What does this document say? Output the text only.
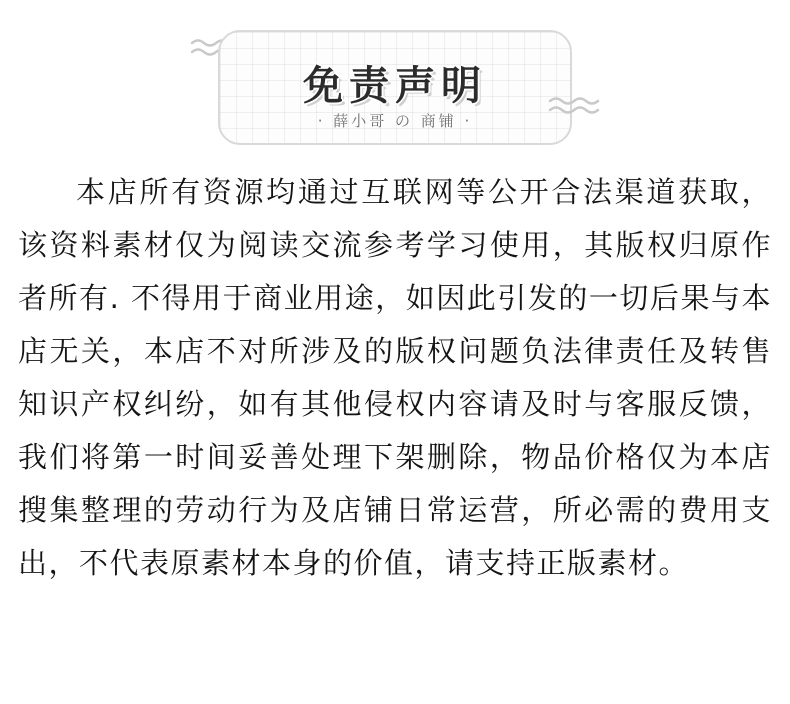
免责声明
· 薛小哥 の 商铺 ·
本店所有资源均通过互联网等公开合法渠道获取，该资料素材仅为阅读交流参考学习使用，其版权归原作者所有. 不得用于商业用途，如因此引发的一切后果与本店无关，本店不对所涉及的版权问题负法律责任及转售知识产权纠纷，如有其他侵权内容请及时与客服反馈，我们将第一时间妥善处理下架删除，物品价格仅为本店搜集整理的劳动行为及店铺日常运营，所必需的费用支出，不代表原素材本身的价值，请支持正版素材。
